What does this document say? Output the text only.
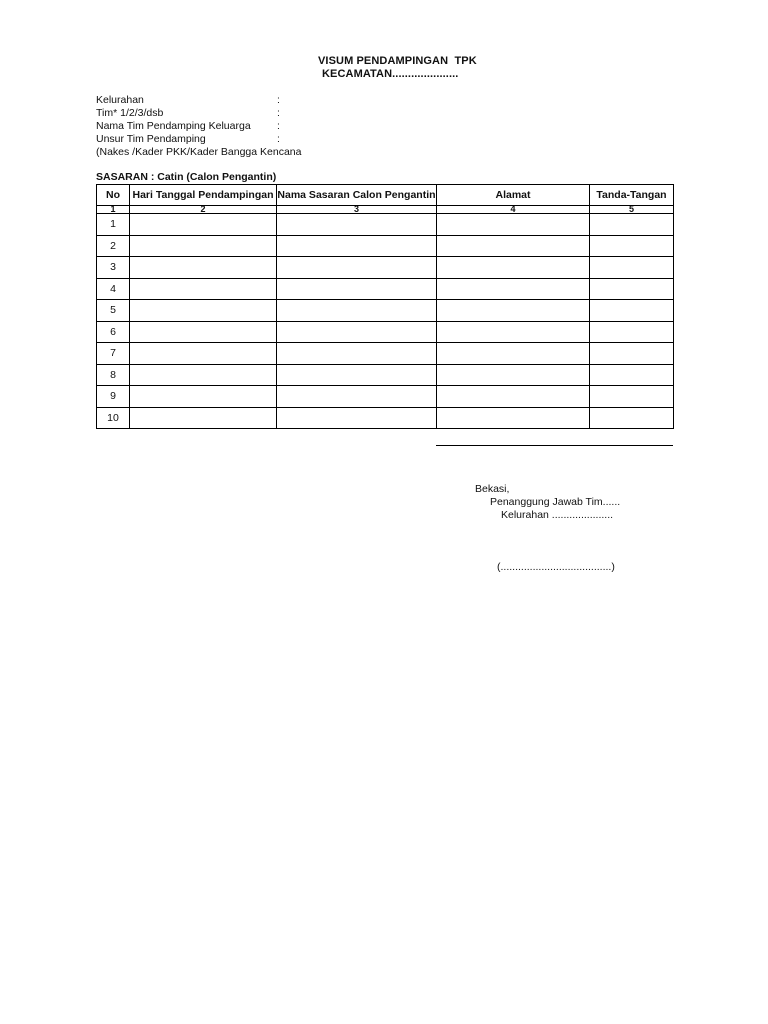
VISUM PENDAMPINGAN  TPK
KECAMATAN.....................
Kelurahan	:
Tim* 1/2/3/dsb	:
Nama Tim Pendamping Keluarga	:
Unsur Tim Pendamping	:
(Nakes /Kader PKK/Kader Bangga Kencana
SASARAN : Catin (Calon Pengantin)
No	Hari Tanggal Pendampingan	Nama Sasaran Calon Pengantin	Alamat	Tanda-Tangan
1	2	3	4	5
1				
2				
3				
4				
5				
6				
7				
8				
9				
10				
Bekasi,
Penanggung Jawab Tim......
Kelurahan .....................
(......................................)
